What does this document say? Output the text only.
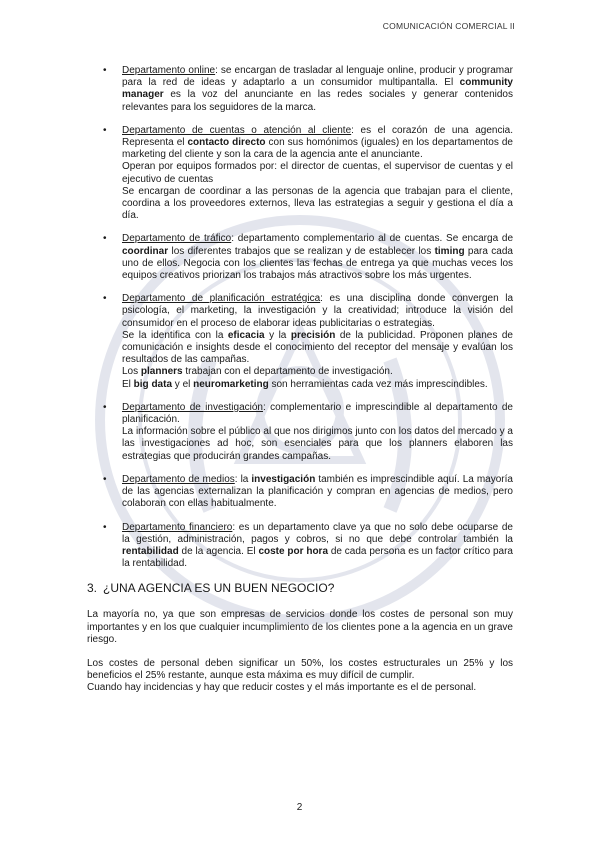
COMUNICACIÓN COMERCIAL II
• Departamento online: se encargan de trasladar al lenguaje online, producir y programar para la red de ideas y adaptarlo a un consumidor multipantalla. El community manager es la voz del anunciante en las redes sociales y generar contenidos relevantes para los seguidores de la marca.

• Departamento de cuentas o atención al cliente: es el corazón de una agencia. Representa el contacto directo con sus homónimos (iguales) en los departamentos de marketing del cliente y son la cara de la agencia ante el anunciante.
Operan por equipos formados por: el director de cuentas, el supervisor de cuentas y el ejecutivo de cuentas
Se encargan de coordinar a las personas de la agencia que trabajan para el cliente, coordina a los proveedores externos, lleva las estrategias a seguir y gestiona el día a día.

• Departamento de tráfico: departamento complementario al de cuentas. Se encarga de coordinar los diferentes trabajos que se realizan y de establecer los timing para cada uno de ellos. Negocia con los clientes las fechas de entrega ya que muchas veces los equipos creativos priorizan los trabajos más atractivos sobre los más urgentes.

• Departamento de planificación estratégica: es una disciplina donde convergen la psicología, el marketing, la investigación y la creatividad; introduce la visión del consumidor en el proceso de elaborar ideas publicitarias o estrategias.
Se la identifica con la eficacia y la precisión de la publicidad. Proponen planes de comunicación e insights desde el conocimiento del receptor del mensaje y evalúan los resultados de las campañas.
Los planners trabajan con el departamento de investigación.
El big data y el neuromarketing son herramientas cada vez más imprescindibles.

• Departamento de investigación: complementario e imprescindible al departamento de planificación.
La información sobre el público al que nos dirigimos junto con los datos del mercado y a las investigaciones ad hoc, son esenciales para que los planners elaboren las estrategias que producirán grandes campañas.

• Departamento de medios: la investigación también es imprescindible aquí. La mayoría de las agencias externalizan la planificación y compran en agencias de medios, pero colaboran con ellas habitualmente.

• Departamento financiero: es un departamento clave ya que no solo debe ocuparse de la gestión, administración, pagos y cobros, si no que debe controlar también la rentabilidad de la agencia. El coste por hora de cada persona es un factor crítico para la rentabilidad.

3. ¿UNA AGENCIA ES UN BUEN NEGOCIO?

La mayoría no, ya que son empresas de servicios donde los costes de personal son muy importantes y en los que cualquier incumplimiento de los clientes pone a la agencia en un grave riesgo.

Los costes de personal deben significar un 50%, los costes estructurales un 25% y los beneficios el 25% restante, aunque esta máxima es muy difícil de cumplir.

Cuando hay incidencias y hay que reducir costes y el más importante es el de personal.

2
